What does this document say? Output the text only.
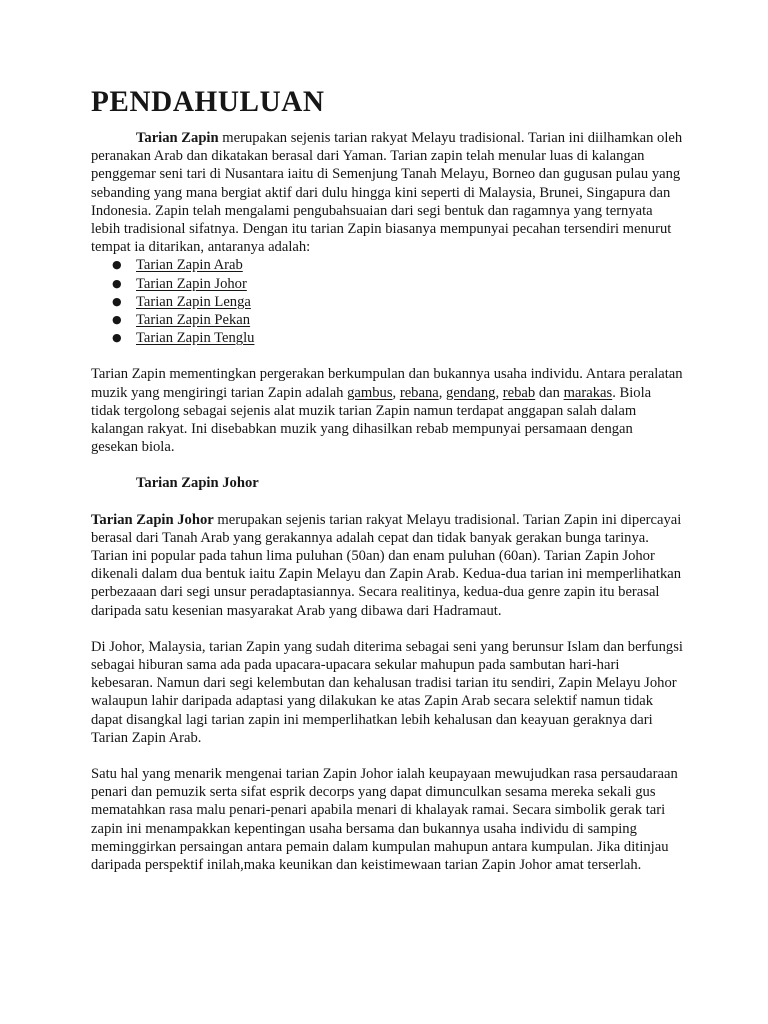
PENDAHULUAN

Tarian Zapin merupakan sejenis tarian rakyat Melayu tradisional. Tarian ini diilhamkan oleh peranakan Arab dan dikatakan berasal dari Yaman. Tarian zapin telah menular luas di kalangan penggemar seni tari di Nusantara iaitu di Semenjung Tanah Melayu, Borneo dan gugusan pulau yang sebanding yang mana bergiat aktif dari dulu hingga kini seperti di Malaysia, Brunei, Singapura dan Indonesia. Zapin telah mengalami pengubahsuaian dari segi bentuk dan ragamnya yang ternyata lebih tradisional sifatnya. Dengan itu tarian Zapin biasanya mempunyai pecahan tersendiri menurut tempat ia ditarikan, antaranya adalah:

● Tarian Zapin Arab
● Tarian Zapin Johor
● Tarian Zapin Lenga
● Tarian Zapin Pekan
● Tarian Zapin Tenglu

Tarian Zapin mementingkan pergerakan berkumpulan dan bukannya usaha individu. Antara peralatan muzik yang mengiringi tarian Zapin adalah gambus, rebana, gendang, rebab dan marakas. Biola tidak tergolong sebagai sejenis alat muzik tarian Zapin namun terdapat anggapan salah dalam kalangan rakyat. Ini disebabkan muzik yang dihasilkan rebab mempunyai persamaan dengan gesekan biola.

Tarian Zapin Johor

Tarian Zapin Johor merupakan sejenis tarian rakyat Melayu tradisional. Tarian Zapin ini dipercayai berasal dari Tanah Arab yang gerakannya adalah cepat dan tidak banyak gerakan bunga tarinya. Tarian ini popular pada tahun lima puluhan (50an) dan enam puluhan (60an). Tarian Zapin Johor dikenali dalam dua bentuk iaitu Zapin Melayu dan Zapin Arab. Kedua-dua tarian ini memperlihatkan perbezaaan dari segi unsur peradaptasiannya. Secara realitinya, kedua-dua genre zapin itu berasal daripada satu kesenian masyarakat Arab yang dibawa dari Hadramaut.

Di Johor, Malaysia, tarian Zapin yang sudah diterima sebagai seni yang berunsur Islam dan berfungsi sebagai hiburan sama ada pada upacara-upacara sekular mahupun pada sambutan hari-hari kebesaran. Namun dari segi kelembutan dan kehalusan tradisi tarian itu sendiri, Zapin Melayu Johor walaupun lahir daripada adaptasi yang dilakukan ke atas Zapin Arab secara selektif namun tidak dapat disangkal lagi tarian zapin ini memperlihatkan lebih kehalusan dan keayuan geraknya dari Tarian Zapin Arab.

Satu hal yang menarik mengenai tarian Zapin Johor ialah keupayaan mewujudkan rasa persaudaraan penari dan pemuzik serta sifat esprik decorps yang dapat dimunculkan sesama mereka sekali gus mematahkan rasa malu penari-penari apabila menari di khalayak ramai. Secara simbolik gerak tari zapin ini menampakkan kepentingan usaha bersama dan bukannya usaha individu di samping meminggirkan persaingan antara pemain dalam kumpulan mahupun antara kumpulan. Jika ditinjau daripada perspektif inilah,maka keunikan dan keistimewaan tarian Zapin Johor amat terserlah.
